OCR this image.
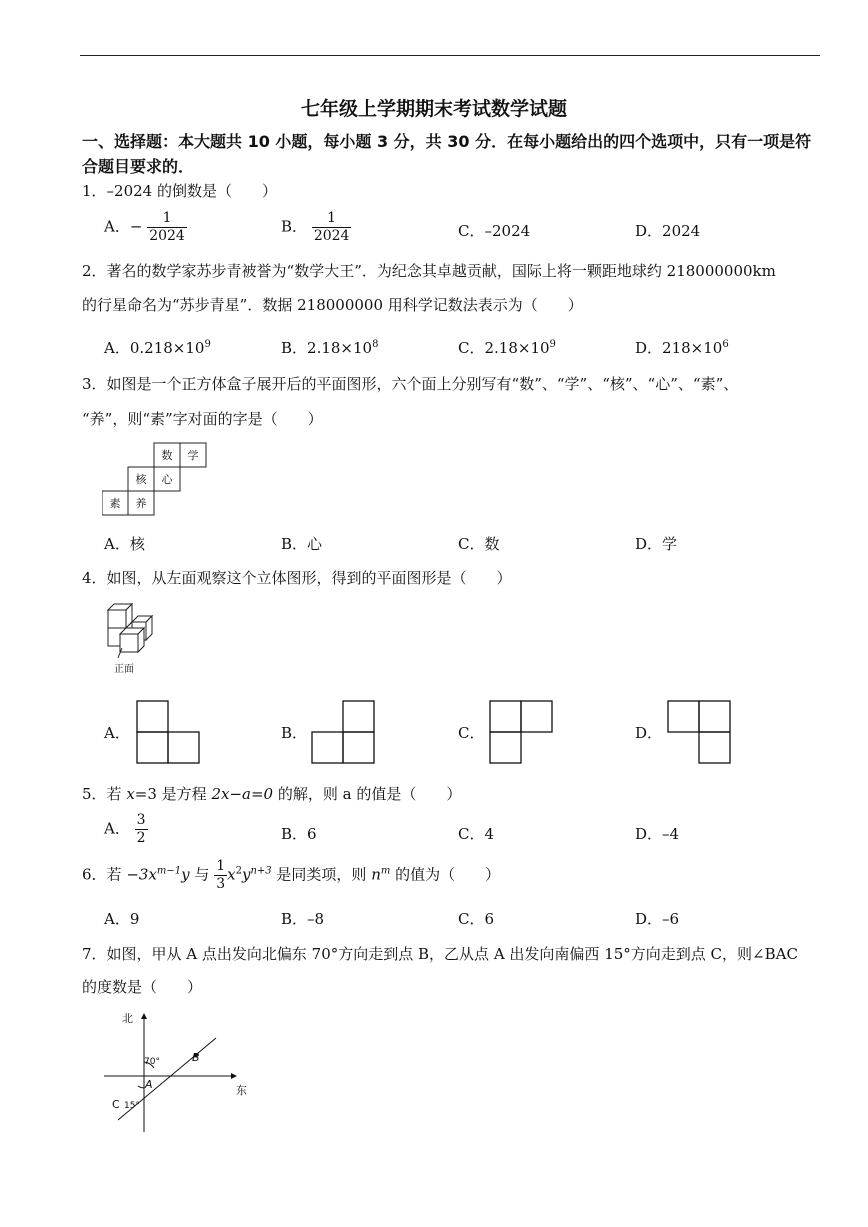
七年级上学期期末考试数学试题
一、选择题：本大题共 10 小题，每小题 3 分，共 30 分．在每小题给出的四个选项中，只有一项是符合题目要求的．
1．–2024 的倒数是（　　）
A．− $\frac{1}{2024}$	B． $\frac{1}{2024}$	C．–2024	D．2024
2．著名的数学家苏步青被誉为“数学大王”．为纪念其卓越贡献，国际上将一颗距地球约 218000000km
的行星命名为“苏步青星”．数据 218000000 用科学记数法表示为（　　）
A．$0.218\times 10^9$	B．$2.18\times 10^8$	C．$2.18\times 10^9$	D．$218\times 10^6$
3．如图是一个正方体盒子展开后的平面图形，六个面上分别写有“数”、“学”、“核”、“心”、“素”、
“养”，则“素”字对面的字是（　　）
数 学
核 心
素 养
A．核	B．心	C．数	D．学
4．如图，从左面观察这个立体图形，得到的平面图形是（　　）
正面
A．	B．	C．	D．
5．若 x=3 是方程 2x−a=0 的解，则 a 的值是（　　）
A． $\frac{3}{2}$	B．6	C．4	D．–4
6．若 $-3x^{m-1}y$ 与 $\frac{1}{3} x^2y^{n+3}$ 是同类项，则 $n^m$ 的值为（　　）
A．9	B．–8	C．6	D．–6
7．如图，甲从 A 点出发向北偏东 70°方向走到点 B，乙从点 A 出发向南偏西 15°方向走到点 C，则∠BAC
的度数是（　　）
北
东
70°
15°
A
B
C
